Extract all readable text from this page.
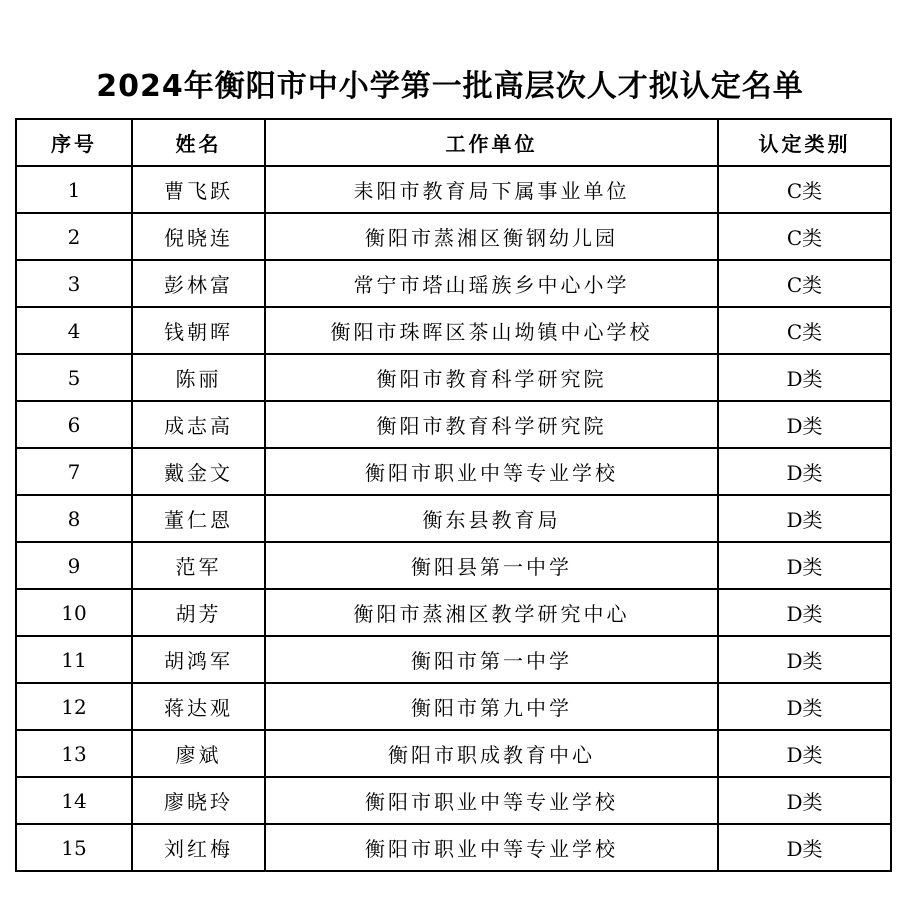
2024年衡阳市中小学第一批高层次人才拟认定名单
序号	姓名	工作单位	认定类别
1	曹飞跃	耒阳市教育局下属事业单位	C类
2	倪晓连	衡阳市蒸湘区衡钢幼儿园	C类
3	彭林富	常宁市塔山瑶族乡中心小学	C类
4	钱朝晖	衡阳市珠晖区茶山坳镇中心学校	C类
5	陈丽	衡阳市教育科学研究院	D类
6	成志高	衡阳市教育科学研究院	D类
7	戴金文	衡阳市职业中等专业学校	D类
8	董仁恩	衡东县教育局	D类
9	范军	衡阳县第一中学	D类
10	胡芳	衡阳市蒸湘区教学研究中心	D类
11	胡鸿军	衡阳市第一中学	D类
12	蒋达观	衡阳市第九中学	D类
13	廖斌	衡阳市职成教育中心	D类
14	廖晓玲	衡阳市职业中等专业学校	D类
15	刘红梅	衡阳市职业中等专业学校	D类
